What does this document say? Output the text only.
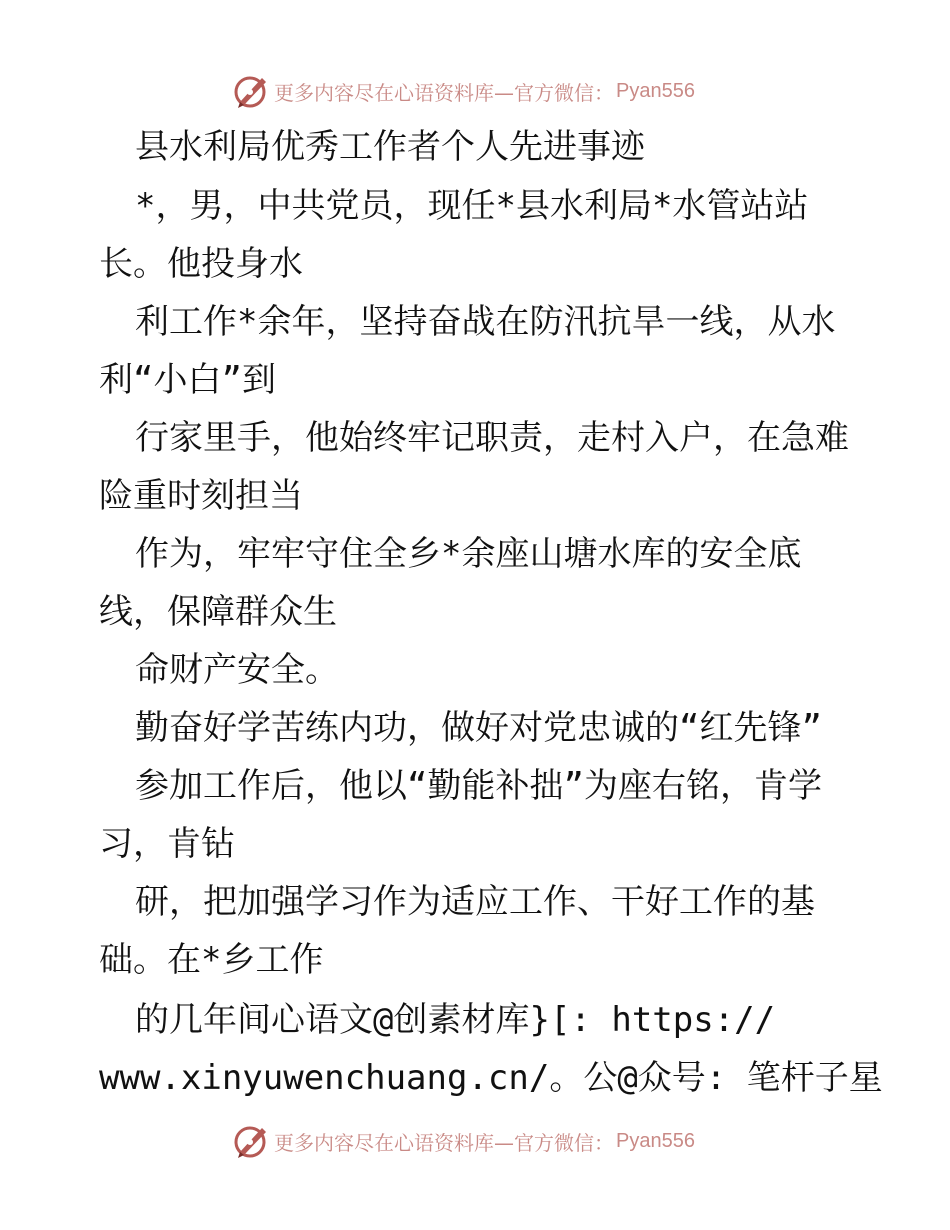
更多内容尽在心语资料库—官方微信： Pyan556
县水利局优秀工作者个人先进事迹
*，男，中共党员，现任*县水利局*水管站站
长。他投身水
利工作*余年，坚持奋战在防汛抗旱一线，从水
利“小白”到
行家里手，他始终牢记职责，走村入户，在急难
险重时刻担当
作为，牢牢守住全乡*余座山塘水库的安全底
线，保障群众生
命财产安全。
勤奋好学苦练内功，做好对党忠诚的“红先锋”
参加工作后，他以“勤能补拙”为座右铭，肯学
习，肯钻
研，把加强学习作为适应工作、干好工作的基
础。在*乡工作
的几年间心语文@创素材库}[: https://
www.xinyuwenchuang.cn/。公@众号: 笔杆子星
更多内容尽在心语资料库—官方微信： Pyan556
